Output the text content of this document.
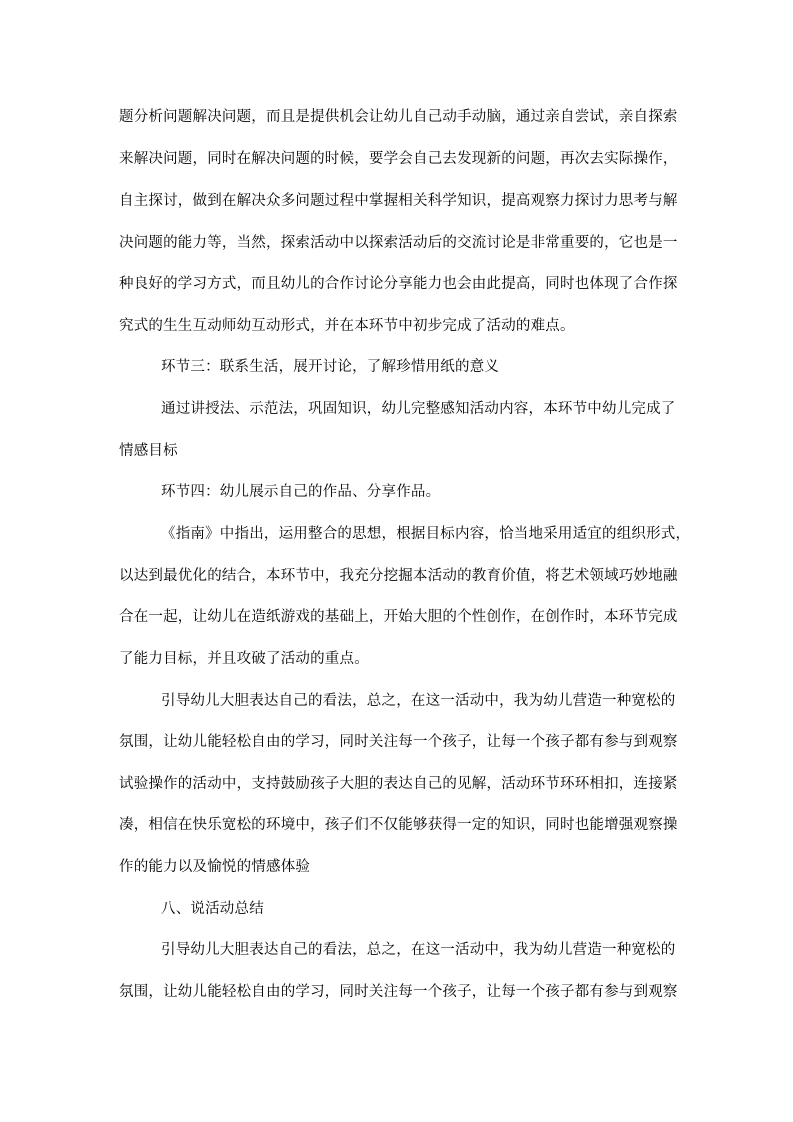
题分析问题解决问题，而且是提供机会让幼儿自己动手动脑，通过亲自尝试，亲自探索
来解决问题，同时在解决问题的时候，要学会自己去发现新的问题，再次去实际操作，
自主探讨，做到在解决众多问题过程中掌握相关科学知识，提高观察力探讨力思考与解
决问题的能力等，当然，探索活动中以探索活动后的交流讨论是非常重要的，它也是一
种良好的学习方式，而且幼儿的合作讨论分享能力也会由此提高，同时也体现了合作探
究式的生生互动师幼互动形式，并在本环节中初步完成了活动的难点。
环节三：联系生活，展开讨论，了解珍惜用纸的意义
通过讲授法、示范法，巩固知识，幼儿完整感知活动内容，本环节中幼儿完成了
情感目标
环节四：幼儿展示自己的作品、分享作品。
《指南》中指出，运用整合的思想，根据目标内容，恰当地采用适宜的组织形式，
以达到最优化的结合，本环节中，我充分挖掘本活动的教育价值，将艺术领域巧妙地融
合在一起，让幼儿在造纸游戏的基础上，开始大胆的个性创作，在创作时，本环节完成
了能力目标，并且攻破了活动的重点。
引导幼儿大胆表达自己的看法，总之，在这一活动中，我为幼儿营造一种宽松的
氛围，让幼儿能轻松自由的学习，同时关注每一个孩子，让每一个孩子都有参与到观察
试验操作的活动中，支持鼓励孩子大胆的表达自己的见解，活动环节环环相扣，连接紧
凑，相信在快乐宽松的环境中，孩子们不仅能够获得一定的知识，同时也能增强观察操
作的能力以及愉悦的情感体验
八、说活动总结
引导幼儿大胆表达自己的看法，总之，在这一活动中，我为幼儿营造一种宽松的
氛围，让幼儿能轻松自由的学习，同时关注每一个孩子，让每一个孩子都有参与到观察
